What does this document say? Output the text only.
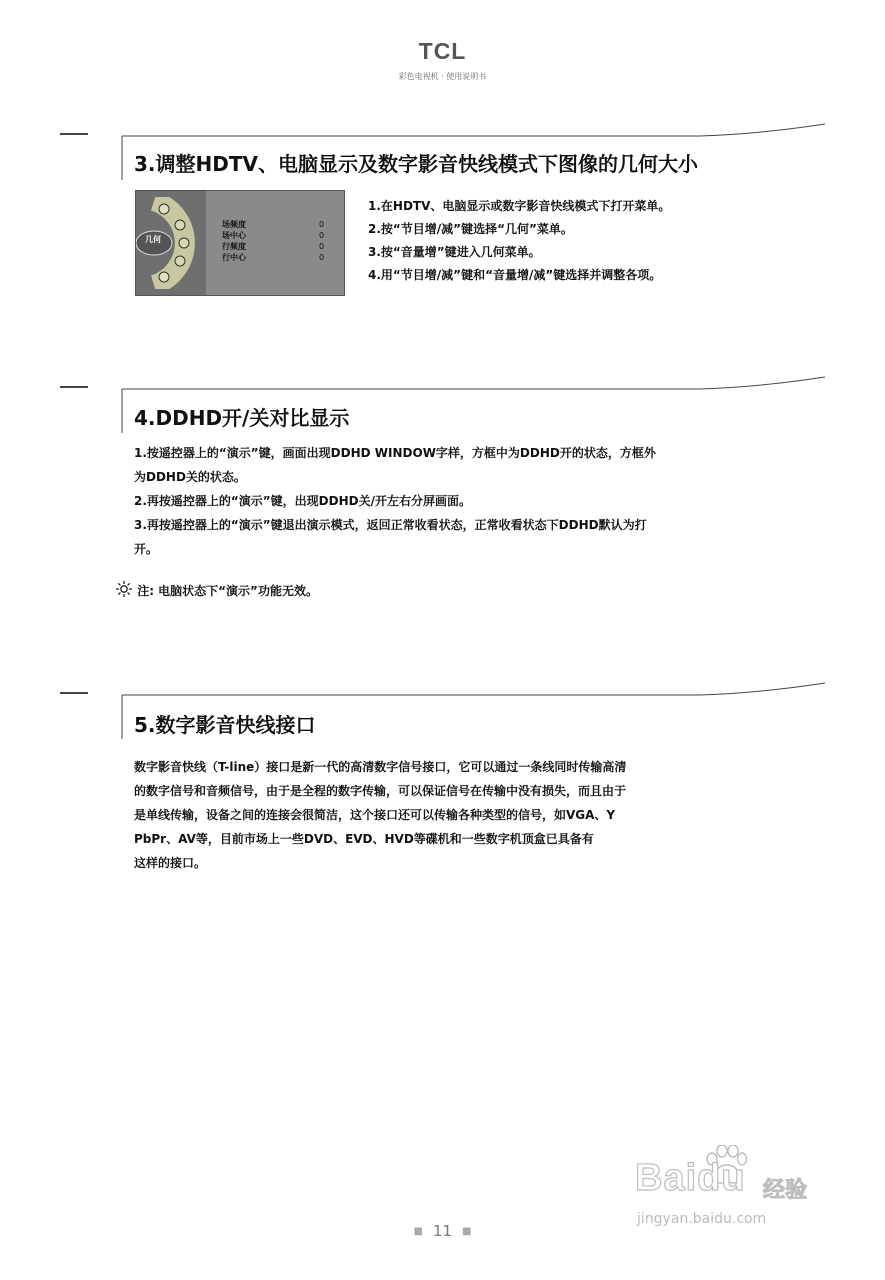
TCL
彩色电视机 · 使用说明书
3.调整HDTV、电脑显示及数字影音快线模式下图像的几何大小
几何
场频度
场中心
行频度
行中心
0
0
0
0
1.在HDTV、电脑显示或数字影音快线模式下打开菜单。
2.按“节目增/减”键选择“几何”菜单。
3.按“音量增”键进入几何菜单。
4.用“节目增/减”键和“音量增/减”键选择并调整各项。
4.DDHD开/关对比显示
1.按遥控器上的“演示”键，画面出现DDHD WINDOW字样，方框中为DDHD开的状态，方框外
为DDHD关的状态。
2.再按遥控器上的“演示”键，出现DDHD关/开左右分屏画面。
3.再按遥控器上的“演示”键退出演示模式，返回正常收看状态，正常收看状态下DDHD默认为打
开。
注: 电脑状态下“演示”功能无效。
5.数字影音快线接口
数字影音快线（T-line）接口是新一代的高清数字信号接口，它可以通过一条线同时传输高清
的数字信号和音频信号，由于是全程的数字传输，可以保证信号在传输中没有损失，而且由于
是单线传输，设备之间的连接会很简洁，这个接口还可以传输各种类型的信号，如VGA、Y
PbPr、AV等，目前市场上一些DVD、EVD、HVD等碟机和一些数字机顶盒已具备有
这样的接口。
Baidu 经验
jingyan.baidu.com
■ 11 ■
